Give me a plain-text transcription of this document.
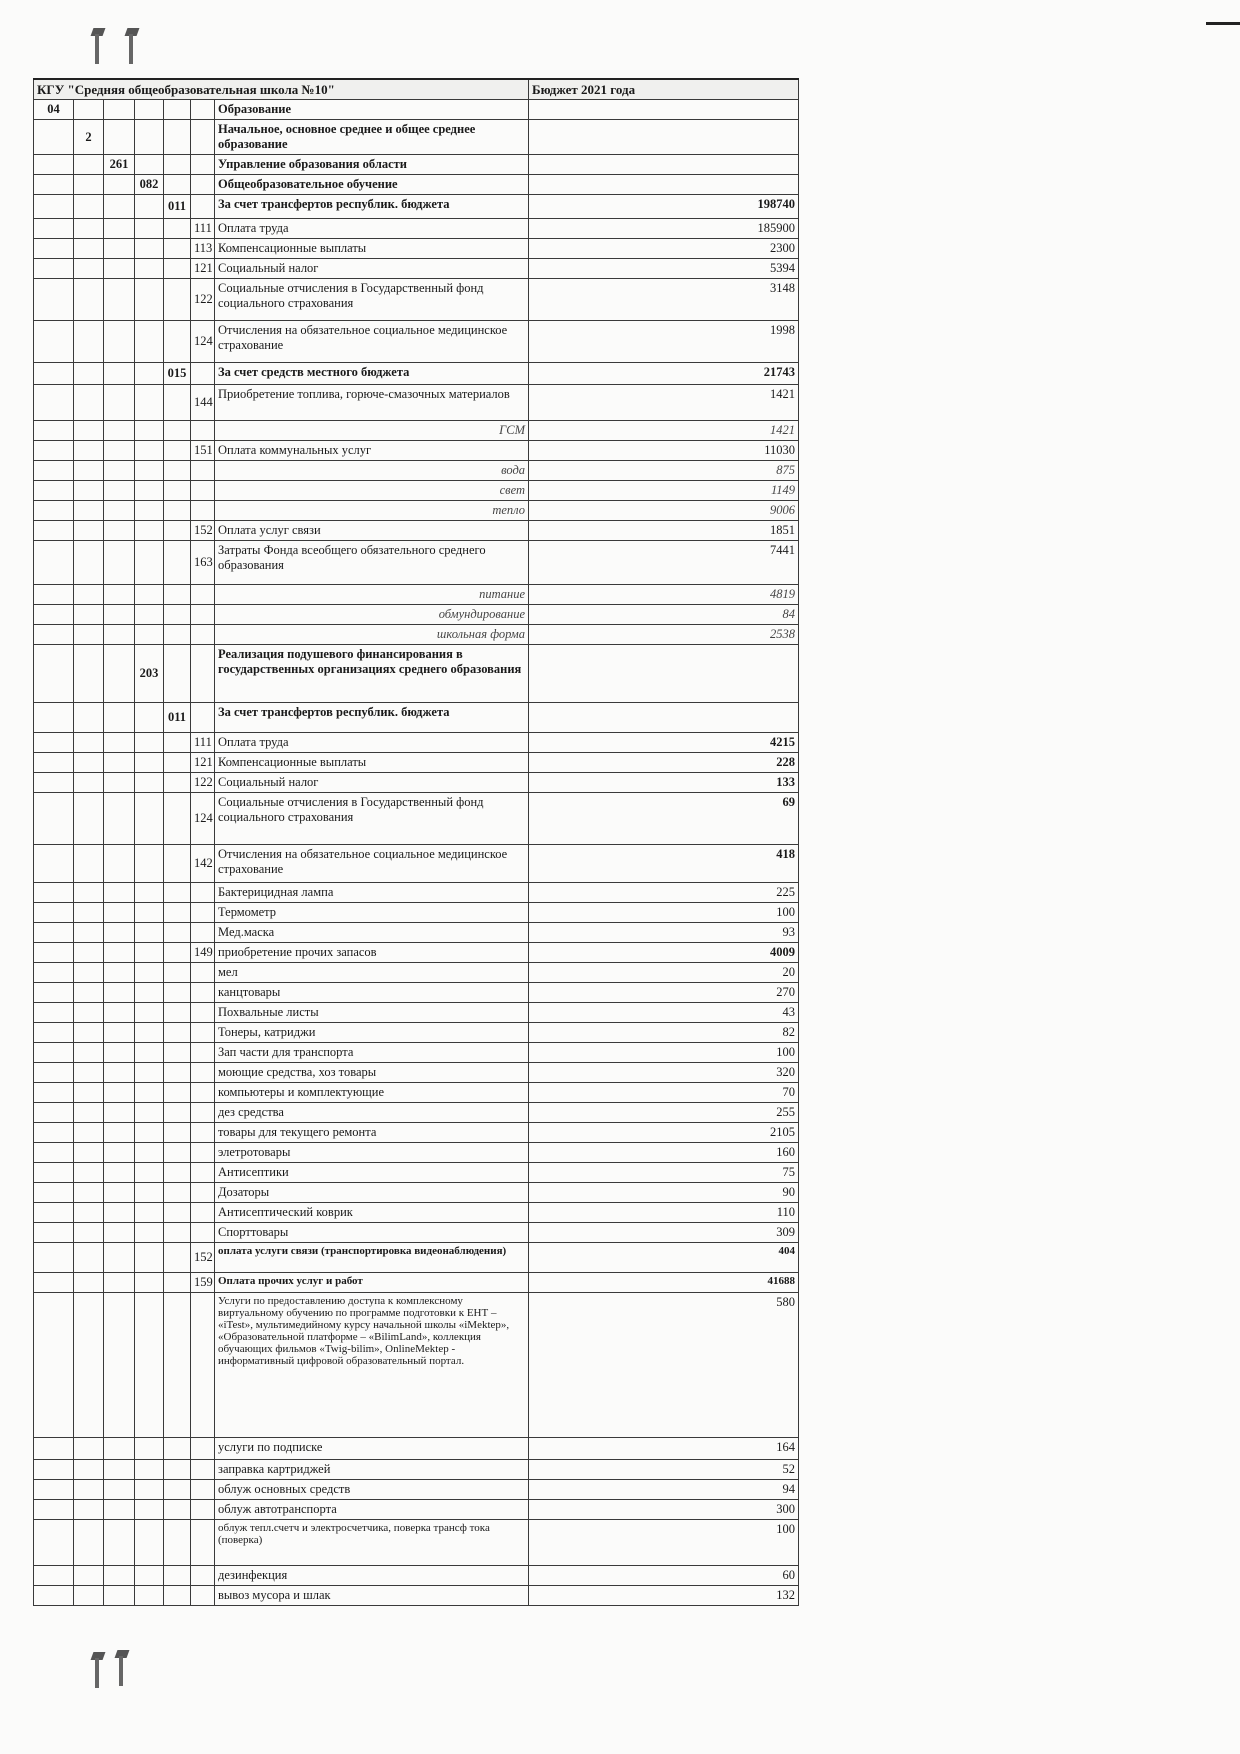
КГУ "Средняя общеобразовательная школа №10"							Бюджет 2021 года
04						Образование	
	2					Начальное, основное среднее и общее среднее образование	
		261				Управление образования области	
			082			Общеобразовательное обучение	
				011		За счет трансфертов республик. бюджета	198740
					111	Оплата труда	185900
					113	Компенсационные выплаты	2300
					121	Социальный налог	5394
					122	Социальные отчисления в Государственный фонд социального страхования	3148
					124	Отчисления на обязательное социальное медицинское страхование	1998
				015		За счет средств местного бюджета	21743
					144	Приобретение топлива, горюче-смазочных материалов	1421
						ГСМ	1421
					151	Оплата коммунальных услуг	11030
						вода	875
						свет	1149
						тепло	9006
					152	Оплата услуг связи	1851
					163	Затраты Фонда всеобщего обязательного среднего образования	7441
						питание	4819
						обмундирование	84
						школьная форма	2538
			203			Реализация подушевого финансирования в государственных организациях среднего образования	
				011		За счет трансфертов республик. бюджета	
					111	Оплата труда	4215
					121	Компенсационные выплаты	228
					122	Социальный налог	133
					124	Социальные отчисления в Государственный фонд социального страхования	69
					142	Отчисления на обязательное социальное медицинское страхование	418
						Бактерицидная лампа	225
						Термометр	100
						Мед.маска	93
					149	приобретение прочих запасов	4009
						мел	20
						канцтовары	270
						Похвальные листы	43
						Тонеры, катриджи	82
						Зап части для транспорта	100
						моющие средства, хоз товары	320
						компьютеры и комплектующие	70
						дез средства	255
						товары для текущего ремонта	2105
						элетротовары	160
						Антисептики	75
						Дозаторы	90
						Антисептический коврик	110
						Спорттовары	309
					152	оплата услуги связи (транспортировка видеонаблюдения)	404
					159	Оплата прочих услуг и работ	41688
						Услуги по предоставлению доступа к комплексному виртуальному обучению по программе подготовки к ЕНТ – «iTest», мультимедийному курсу начальной школы «iMektep», «Образовательной платформе – «BilimLand», коллекция обучающих фильмов «Twig-bilim», OnlineMektep - информативный цифровой образовательный портал.	580
						услуги по подписке	164
						заправка картриджей	52
						облуж основных средств	94
						облуж автотранспорта	300
						облуж тепл.счетч и электросчетчика, поверка трансф тока (поверка)	100
						дезинфекция	60
						вывоз мусора и шлак	132
